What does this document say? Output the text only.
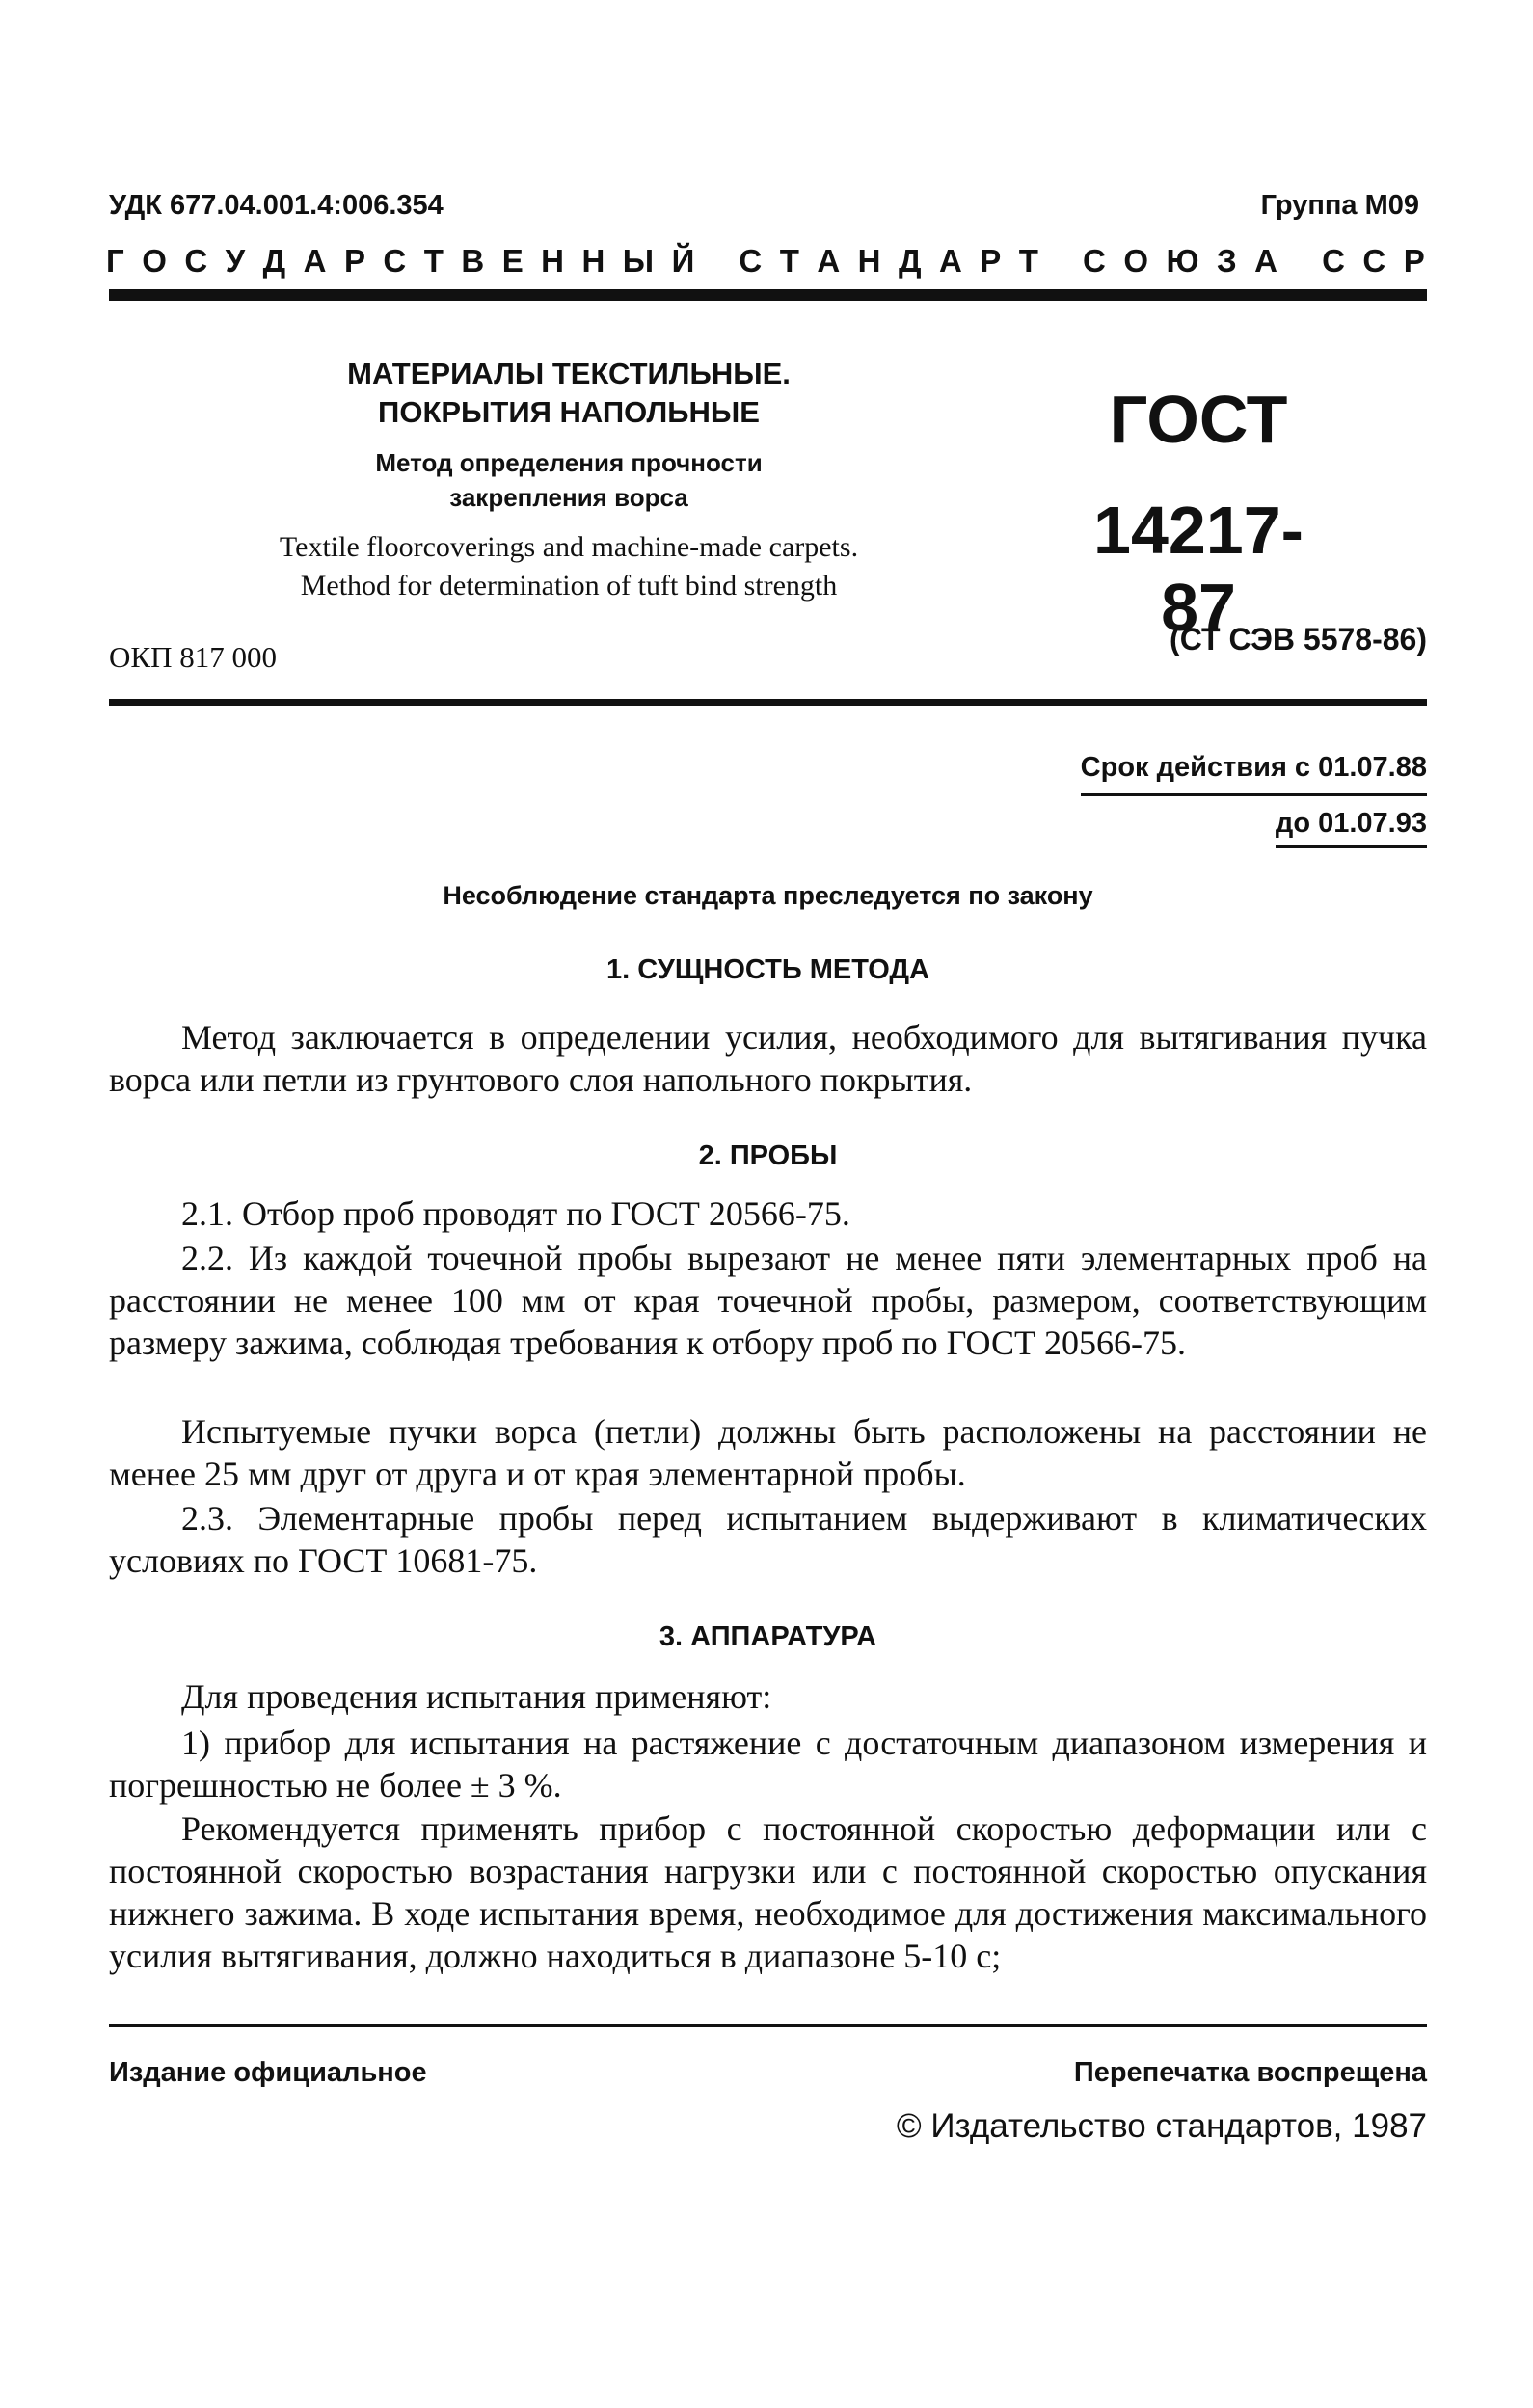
УДК 677.04.001.4:006.354	Группа М09
Г О С У Д А Р С Т В Е Н Н Ы Й
С Т А Н Д А Р Т
С О Ю З А
С С Р
МАТЕРИАЛЫ ТЕКСТИЛЬНЫЕ.
ПОКРЫТИЯ НАПОЛЬНЫЕ
Метод определения прочности
закрепления ворса
Textile floorcoverings and machine-made carpets.
Method for determination of tuft bind strength
ОКП 817 000
ГОСТ
14217-87
(СТ СЭВ 5578-86)
Срок действия с 01.07.88
до 01.07.93
Несоблюдение стандарта преследуется по закону
1. СУЩНОСТЬ МЕТОДА
Метод заключается в определении усилия, необходимого для вытягивания пучка ворса или петли из грунтового слоя напольного покрытия.
2. ПРОБЫ
2.1. Отбор проб проводят по ГОСТ 20566-75.
2.2. Из каждой точечной пробы вырезают не менее пяти элементарных проб на расстоянии не менее 100 мм от края точечной пробы, размером, соответствующим размеру зажима, соблюдая требования к отбору проб по ГОСТ 20566-75.
Испытуемые пучки ворса (петли) должны быть расположены на расстоянии не менее 25 мм друг от друга и от края элементарной пробы.
2.3. Элементарные пробы перед испытанием выдерживают в климатических условиях по ГОСТ 10681-75.
3. АППАРАТУРА
Для проведения испытания применяют:
1) прибор для испытания на растяжение с достаточным диапазоном измерения и погрешностью не более ± 3 %.
Рекомендуется применять прибор с постоянной скоростью деформации или с постоянной скоростью возрастания нагрузки или с постоянной скоростью опускания нижнего зажима. В ходе испытания время, необходимое для достижения максимального усилия вытягивания, должно находиться в диапазоне 5-10 с;
Издание официальное	Перепечатка воспрещена
© Издательство стандартов, 1987
